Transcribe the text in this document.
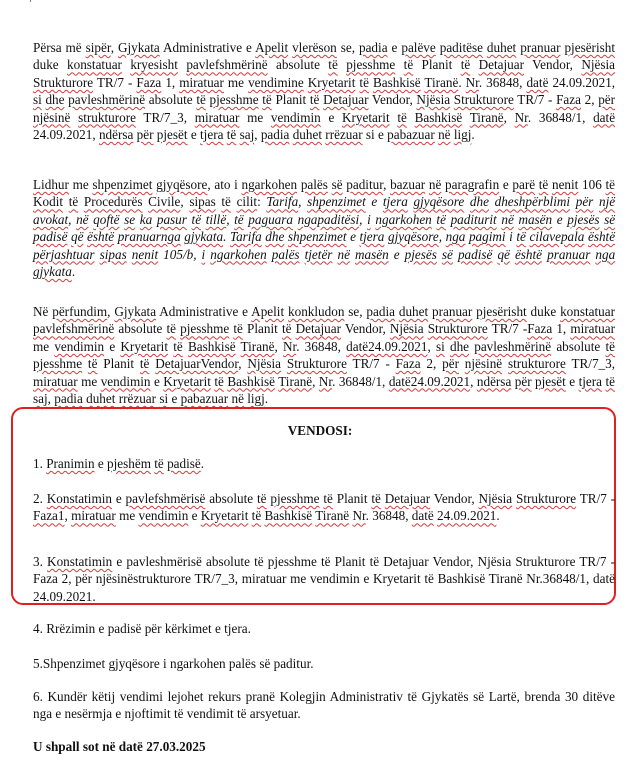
Përsa më sipër, Gjykata Administrative e Apelit vlerëson se, padia e palëve paditëse duhet pranuar pjesërisht duke konstatuar kryesisht pavlefshmërinë absolute të pjesshme të Planit të Detajuar Vendor, Njësia Strukturore TR/7 - Faza 1, miratuar me vendimine Kryetarit të Bashkisë Tiranë. Nr. 36848, datë 24.09.2021, si dhe pavleshmërinë absolute të pjesshme të Planit të Detajuar Vendor, Njësia Strukturore TR/7 - Faza 2, për njësinë strukturore TR/7_3, miratuar me vendimin e Kryetarit të Bashkisë Tiranë, Nr. 36848/1, datë 24.09.2021, ndërsa për pjesët e tjera të saj, padia duhet rrëzuar si e pabazuar në ligj.

Lidhur me shpenzimet gjyqësore, ato i ngarkohen palës së paditur, bazuar në paragrafin e parë të nenit 106 të Kodit të Procedurës Civile, sipas të cilit: Tarifa, shpenzimet e tjera gjyqësore dhe dheshpërblimi për një avokat, në qoftë se ka pasur të tillë, të paguara ngapaditësi, i ngarkohen të paditurit në masën e pjesës së padisë që është pranuarnga gjykata. Tarifa dhe shpenzimet e tjera gjyqësore, nga pagimi i të cilavepala është përjashtuar sipas nenit 105/b, i ngarkohen palës tjetër në masën e pjesës së padisë që është pranuar nga gjykata.

Në përfundim, Gjykata Administrative e Apelit konkludon se, padia duhet pranuar pjesërisht duke konstatuar pavlefshmërinë absolute të pjesshme të Planit të Detajuar Vendor, Njësia Strukturore TR/7 -Faza 1, miratuar me vendimin e Kryetarit të Bashkisë Tiranë, Nr. 36848, datë24.09.2021, si dhe pavleshmërinë absolute të pjesshme të Planit të DetajuarVendor, Njësia Strukturore TR/7 - Faza 2, për njësinë strukturore TR/7_3, miratuar me vendimin e Kryetarit të Bashkisë Tiranë, Nr. 36848/1, datë24.09.2021, ndërsa për pjesët e tjera të saj, padia duhet rrëzuar si e pabazuar në ligj.

VENDOSI:

1. Pranimin e pjeshëm të padisë.

2. Konstatimin e pavlefshmërisë absolute të pjesshme të Planit të Detajuar Vendor, Njësia Strukturore TR/7 - Faza1, miratuar me vendimin e Kryetarit të Bashkisë Tiranë Nr. 36848, datë 24.09.2021.

3. Konstatimin e pavleshmërisë absolute të pjesshme të Planit të Detajuar Vendor, Njësia Strukturore TR/7 - Faza 2, për njësinëstrukturore TR/7_3, miratuar me vendimin e Kryetarit të Bashkisë Tiranë Nr.36848/1, datë 24.09.2021.

4. Rrëzimin e padisë për kërkimet e tjera.

5.Shpenzimet gjyqësore i ngarkohen palës së paditur.

6. Kundër këtij vendimi lejohet rekurs pranë Kolegjin Administrativ të Gjykatës së Lartë, brenda 30 ditëve nga e nesërmja e njoftimit të vendimit të arsyetuar.

U shpall sot në datë 27.03.2025
